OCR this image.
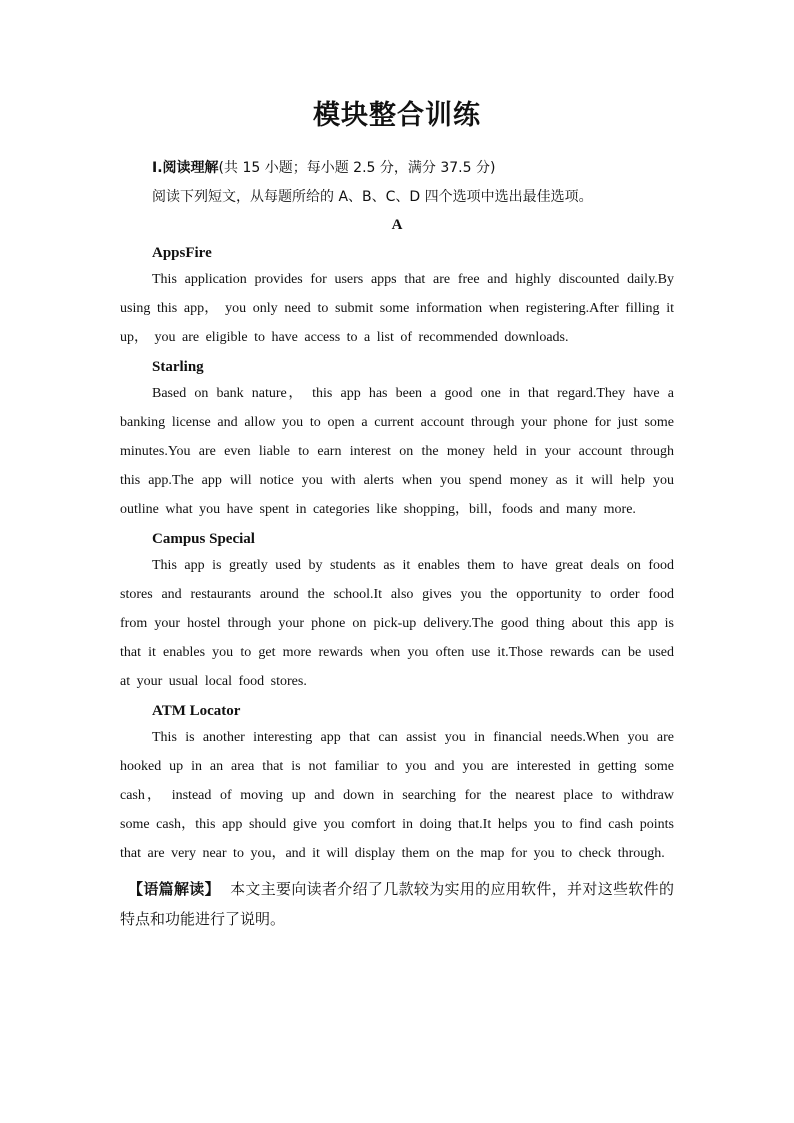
模块整合训练

Ⅰ.阅读理解(共 15 小题；每小题 2.5 分，满分 37.5 分)

阅读下列短文，从每题所给的 A、B、C、D 四个选项中选出最佳选项。

A

AppsFire

This application provides for users apps that are free and highly discounted daily.By using this app， you only need to submit some information when registering.After filling it up， you are eligible to have access to a list of recommended downloads.

Starling

Based on bank nature， this app has been a good one in that regard.They have a banking license and allow you to open a current account through your phone for just some minutes.You are even liable to earn interest on the money held in your account through this app.The app will notice you with alerts when you spend money as it will help you outline what you have spent in categories like shopping，bill，foods and many more.

Campus Special

This app is greatly used by students as it enables them to have great deals on food stores and restaurants around the school.It also gives you the opportunity to order food from your hostel through your phone on pick-up delivery.The good thing about this app is that it enables you to get more rewards when you often use it.Those rewards can be used at your usual local food stores.

ATM Locator

This is another interesting app that can assist you in financial needs.When you are hooked up in an area that is not familiar to you and you are interested in getting some cash， instead of moving up and down in searching for the nearest place to withdraw some cash，this app should give you comfort in doing that.It helps you to find cash points that are very near to you，and it will display them on the map for you to check through.

【语篇解读】 本文主要向读者介绍了几款较为实用的应用软件，并对这些软件的特点和功能进行了说明。
